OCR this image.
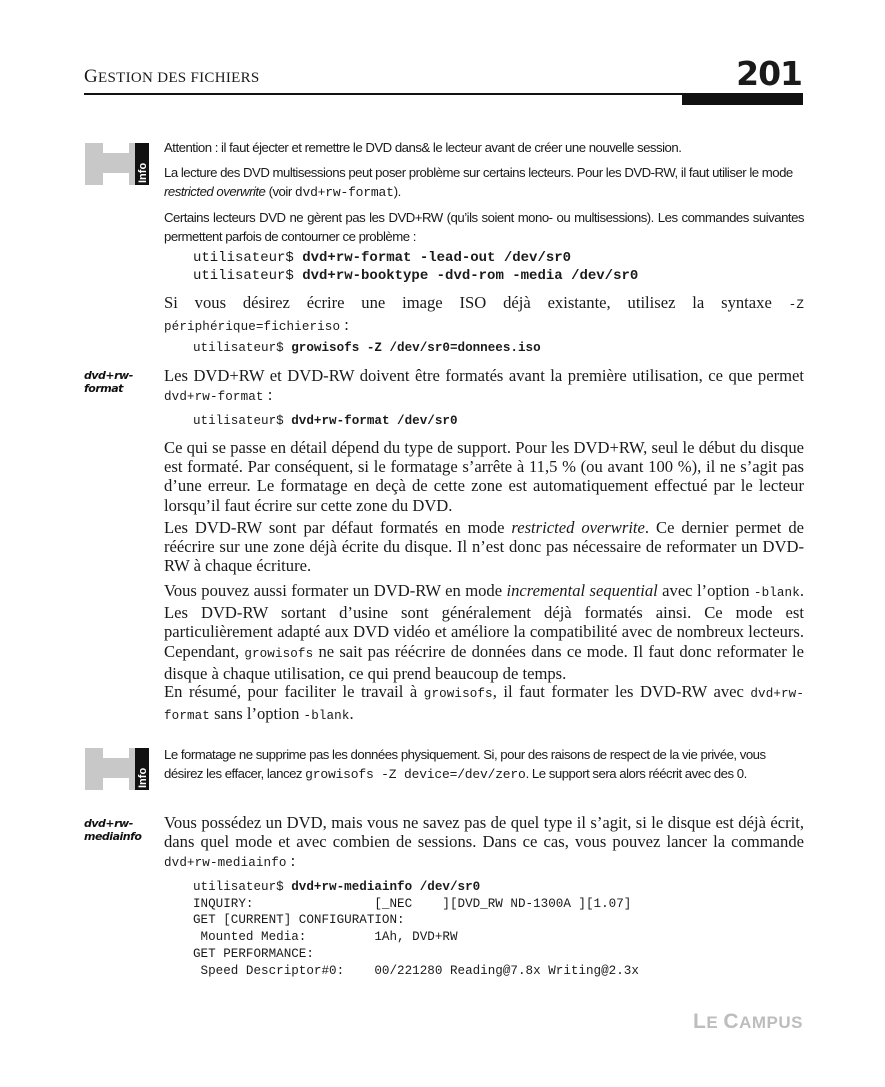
GESTION DES FICHIERS	201
Info
Attention : il faut éjecter et remettre le DVD dans& le lecteur avant de créer une nouvelle session.
La lecture des DVD multisessions peut poser problème sur certains lecteurs. Pour les DVD-RW, il faut utiliser le mode restricted overwrite (voir dvd+rw-format).
Certains lecteurs DVD ne gèrent pas les DVD+RW (qu’ils soient mono- ou multisessions). Les commandes suivantes permettent parfois de contourner ce problème :
utilisateur$ dvd+rw-format -lead-out /dev/sr0
utilisateur$ dvd+rw-booktype -dvd-rom -media /dev/sr0
Si vous désirez écrire une image ISO déjà existante, utilisez la syntaxe -Z périphérique=fichieriso :
utilisateur$ growisofs -Z /dev/sr0=donnees.iso
dvd+rw-
format
Les DVD+RW et DVD-RW doivent être formatés avant la première utilisation, ce que permet dvd+rw-format :
utilisateur$ dvd+rw-format /dev/sr0
Ce qui se passe en détail dépend du type de support. Pour les DVD+RW, seul le début du disque est formaté. Par conséquent, si le formatage s’arrête à 11,5 % (ou avant 100 %), il ne s’agit pas d’une erreur. Le formatage en deçà de cette zone est automatiquement effectué par le lecteur lorsqu’il faut écrire sur cette zone du DVD.
Les DVD-RW sont par défaut formatés en mode restricted overwrite. Ce dernier permet de réécrire sur une zone déjà écrite du disque. Il n’est donc pas nécessaire de reformater un DVD-RW à chaque écriture.
Vous pouvez aussi formater un DVD-RW en mode incremental sequential avec l’option -blank. Les DVD-RW sortant d’usine sont généralement déjà formatés ainsi. Ce mode est particulièrement adapté aux DVD vidéo et améliore la compatibilité avec de nombreux lecteurs. Cependant, growisofs ne sait pas réécrire de données dans ce mode. Il faut donc reformater le disque à chaque utilisation, ce qui prend beaucoup de temps.
En résumé, pour faciliter le travail à growisofs, il faut formater les DVD-RW avec dvd+rw-format sans l’option -blank.
Info
Le formatage ne supprime pas les données physiquement. Si, pour des raisons de respect de la vie privée, vous désirez les effacer, lancez growisofs -Z device=/dev/zero. Le support sera alors réécrit avec des 0.
dvd+rw-
mediainfo
Vous possédez un DVD, mais vous ne savez pas de quel type il s’agit, si le disque est déjà écrit, dans quel mode et avec combien de sessions. Dans ce cas, vous pouvez lancer la commande dvd+rw-mediainfo :
utilisateur$ dvd+rw-mediainfo /dev/sr0
INQUIRY:                [_NEC    ][DVD_RW ND-1300A ][1.07]
GET [CURRENT] CONFIGURATION:
Mounted Media:         1Ah, DVD+RW
GET PERFORMANCE:
Speed Descriptor#0:    00/221280 Reading@7.8x Writing@2.3x
LE CAMPUS
